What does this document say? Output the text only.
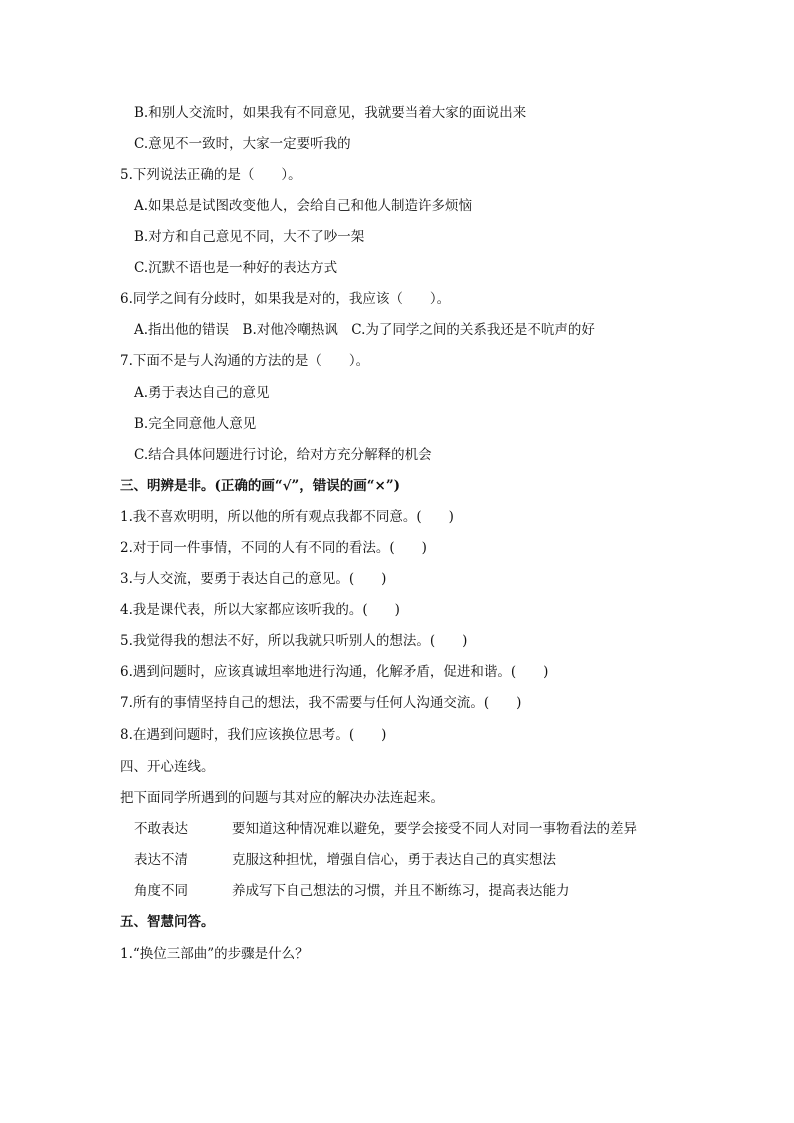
B.和别人交流时，如果我有不同意见，我就要当着大家的面说出来
C.意见不一致时，大家一定要听我的
5.下列说法正确的是（　　）。
A.如果总是试图改变他人，会给自己和他人制造许多烦恼
B.对方和自己意见不同，大不了吵一架
C.沉默不语也是一种好的表达方式
6.同学之间有分歧时，如果我是对的，我应该（　　）。
A.指出他的错误　B.对他冷嘲热讽　C.为了同学之间的关系我还是不吭声的好
7.下面不是与人沟通的方法的是（　　）。
A.勇于表达自己的意见
B.完全同意他人意见
C.结合具体问题进行讨论，给对方充分解释的机会
三、明辨是非。(正确的画“√”，错误的画“×”)
1.我不喜欢明明，所以他的所有观点我都不同意。(　　)
2.对于同一件事情，不同的人有不同的看法。(　　)
3.与人交流，要勇于表达自己的意见。(　　)
4.我是课代表，所以大家都应该听我的。(　　)
5.我觉得我的想法不好，所以我就只听别人的想法。(　　)
6.遇到问题时，应该真诚坦率地进行沟通，化解矛盾，促进和谐。(　　)
7.所有的事情坚持自己的想法，我不需要与任何人沟通交流。(　　)
8.在遇到问题时，我们应该换位思考。(　　)
四、开心连线。
把下面同学所遇到的问题与其对应的解决办法连起来。
不敢表达	要知道这种情况难以避免，要学会接受不同人对同一事物看法的差异
表达不清	克服这种担忧，增强自信心，勇于表达自己的真实想法
角度不同	养成写下自己想法的习惯，并且不断练习，提高表达能力
五、智慧问答。
1.“换位三部曲”的步骤是什么？
